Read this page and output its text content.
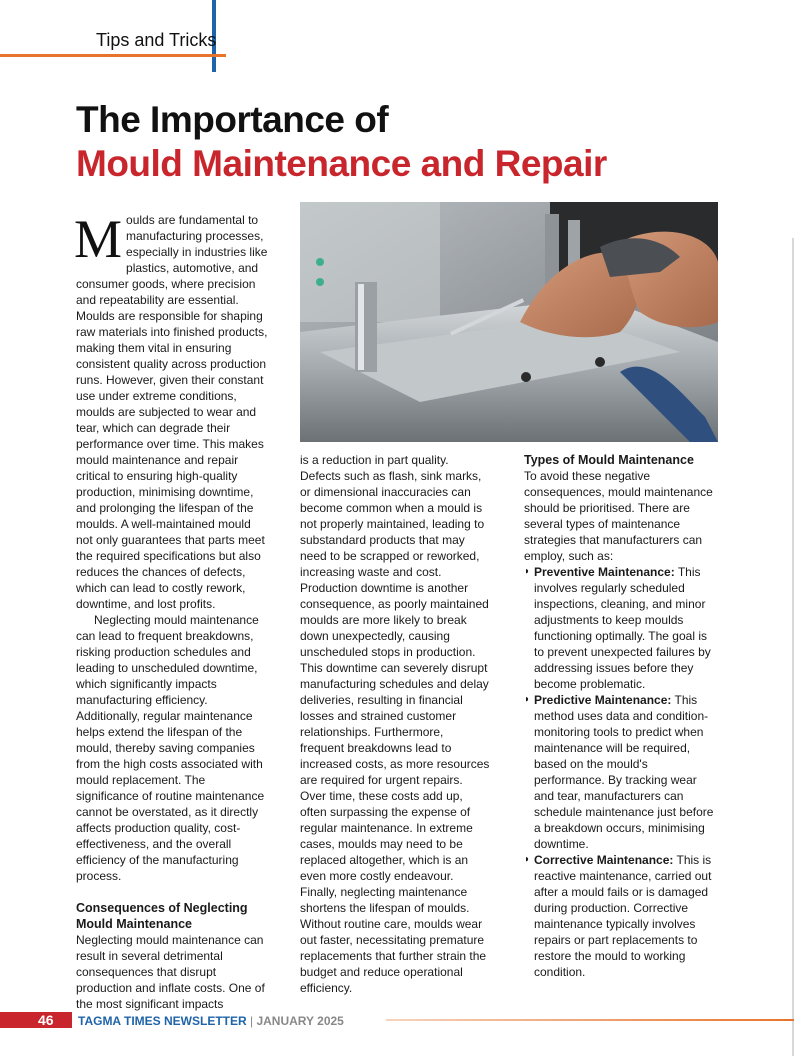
Tips and Tricks
The Importance of
Mould Maintenance and Repair

Moulds are fundamental to manufacturing processes, especially in industries like plastics, automotive, and consumer goods, where precision and repeatability are essential. Moulds are responsible for shaping raw materials into finished products, making them vital in ensuring consistent quality across production runs. However, given their constant use under extreme conditions, moulds are subjected to wear and tear, which can degrade their performance over time. This makes mould maintenance and repair critical to ensuring high-quality production, minimising downtime, and prolonging the lifespan of the moulds. A well-maintained mould not only guarantees that parts meet the required specifications but also reduces the chances of defects, which can lead to costly rework, downtime, and lost profits.

Neglecting mould maintenance can lead to frequent breakdowns, risking production schedules and leading to unscheduled downtime, which significantly impacts manufacturing efficiency. Additionally, regular maintenance helps extend the lifespan of the mould, thereby saving companies from the high costs associated with mould replacement. The significance of routine maintenance cannot be overstated, as it directly affects production quality, cost-effectiveness, and the overall efficiency of the manufacturing process.

Consequences of Neglecting Mould Maintenance

Neglecting mould maintenance can result in several detrimental consequences that disrupt production and inflate costs. One of the most significant impacts

is a reduction in part quality. Defects such as flash, sink marks, or dimensional inaccuracies can become common when a mould is not properly maintained, leading to substandard products that may need to be scrapped or reworked, increasing waste and cost. Production downtime is another consequence, as poorly maintained moulds are more likely to break down unexpectedly, causing unscheduled stops in production. This downtime can severely disrupt manufacturing schedules and delay deliveries, resulting in financial losses and strained customer relationships. Furthermore, frequent breakdowns lead to increased costs, as more resources are required for urgent repairs. Over time, these costs add up, often surpassing the expense of regular maintenance. In extreme cases, moulds may need to be replaced altogether, which is an even more costly endeavour. Finally, neglecting maintenance shortens the lifespan of moulds. Without routine care, moulds wear out faster, necessitating premature replacements that further strain the budget and reduce operational efficiency.

Types of Mould Maintenance

To avoid these negative consequences, mould maintenance should be prioritised. There are several types of maintenance strategies that manufacturers can employ, such as:

◗ Preventive Maintenance: This involves regularly scheduled inspections, cleaning, and minor adjustments to keep moulds functioning optimally. The goal is to prevent unexpected failures by addressing issues before they become problematic.

◗ Predictive Maintenance: This method uses data and condition-monitoring tools to predict when maintenance will be required, based on the mould's performance. By tracking wear and tear, manufacturers can schedule maintenance just before a breakdown occurs, minimising downtime.

◗ Corrective Maintenance: This is reactive maintenance, carried out after a mould fails or is damaged during production. Corrective maintenance typically involves repairs or part replacements to restore the mould to working condition.

46 TAGMA TIMES NEWSLETTER | JANUARY 2025
